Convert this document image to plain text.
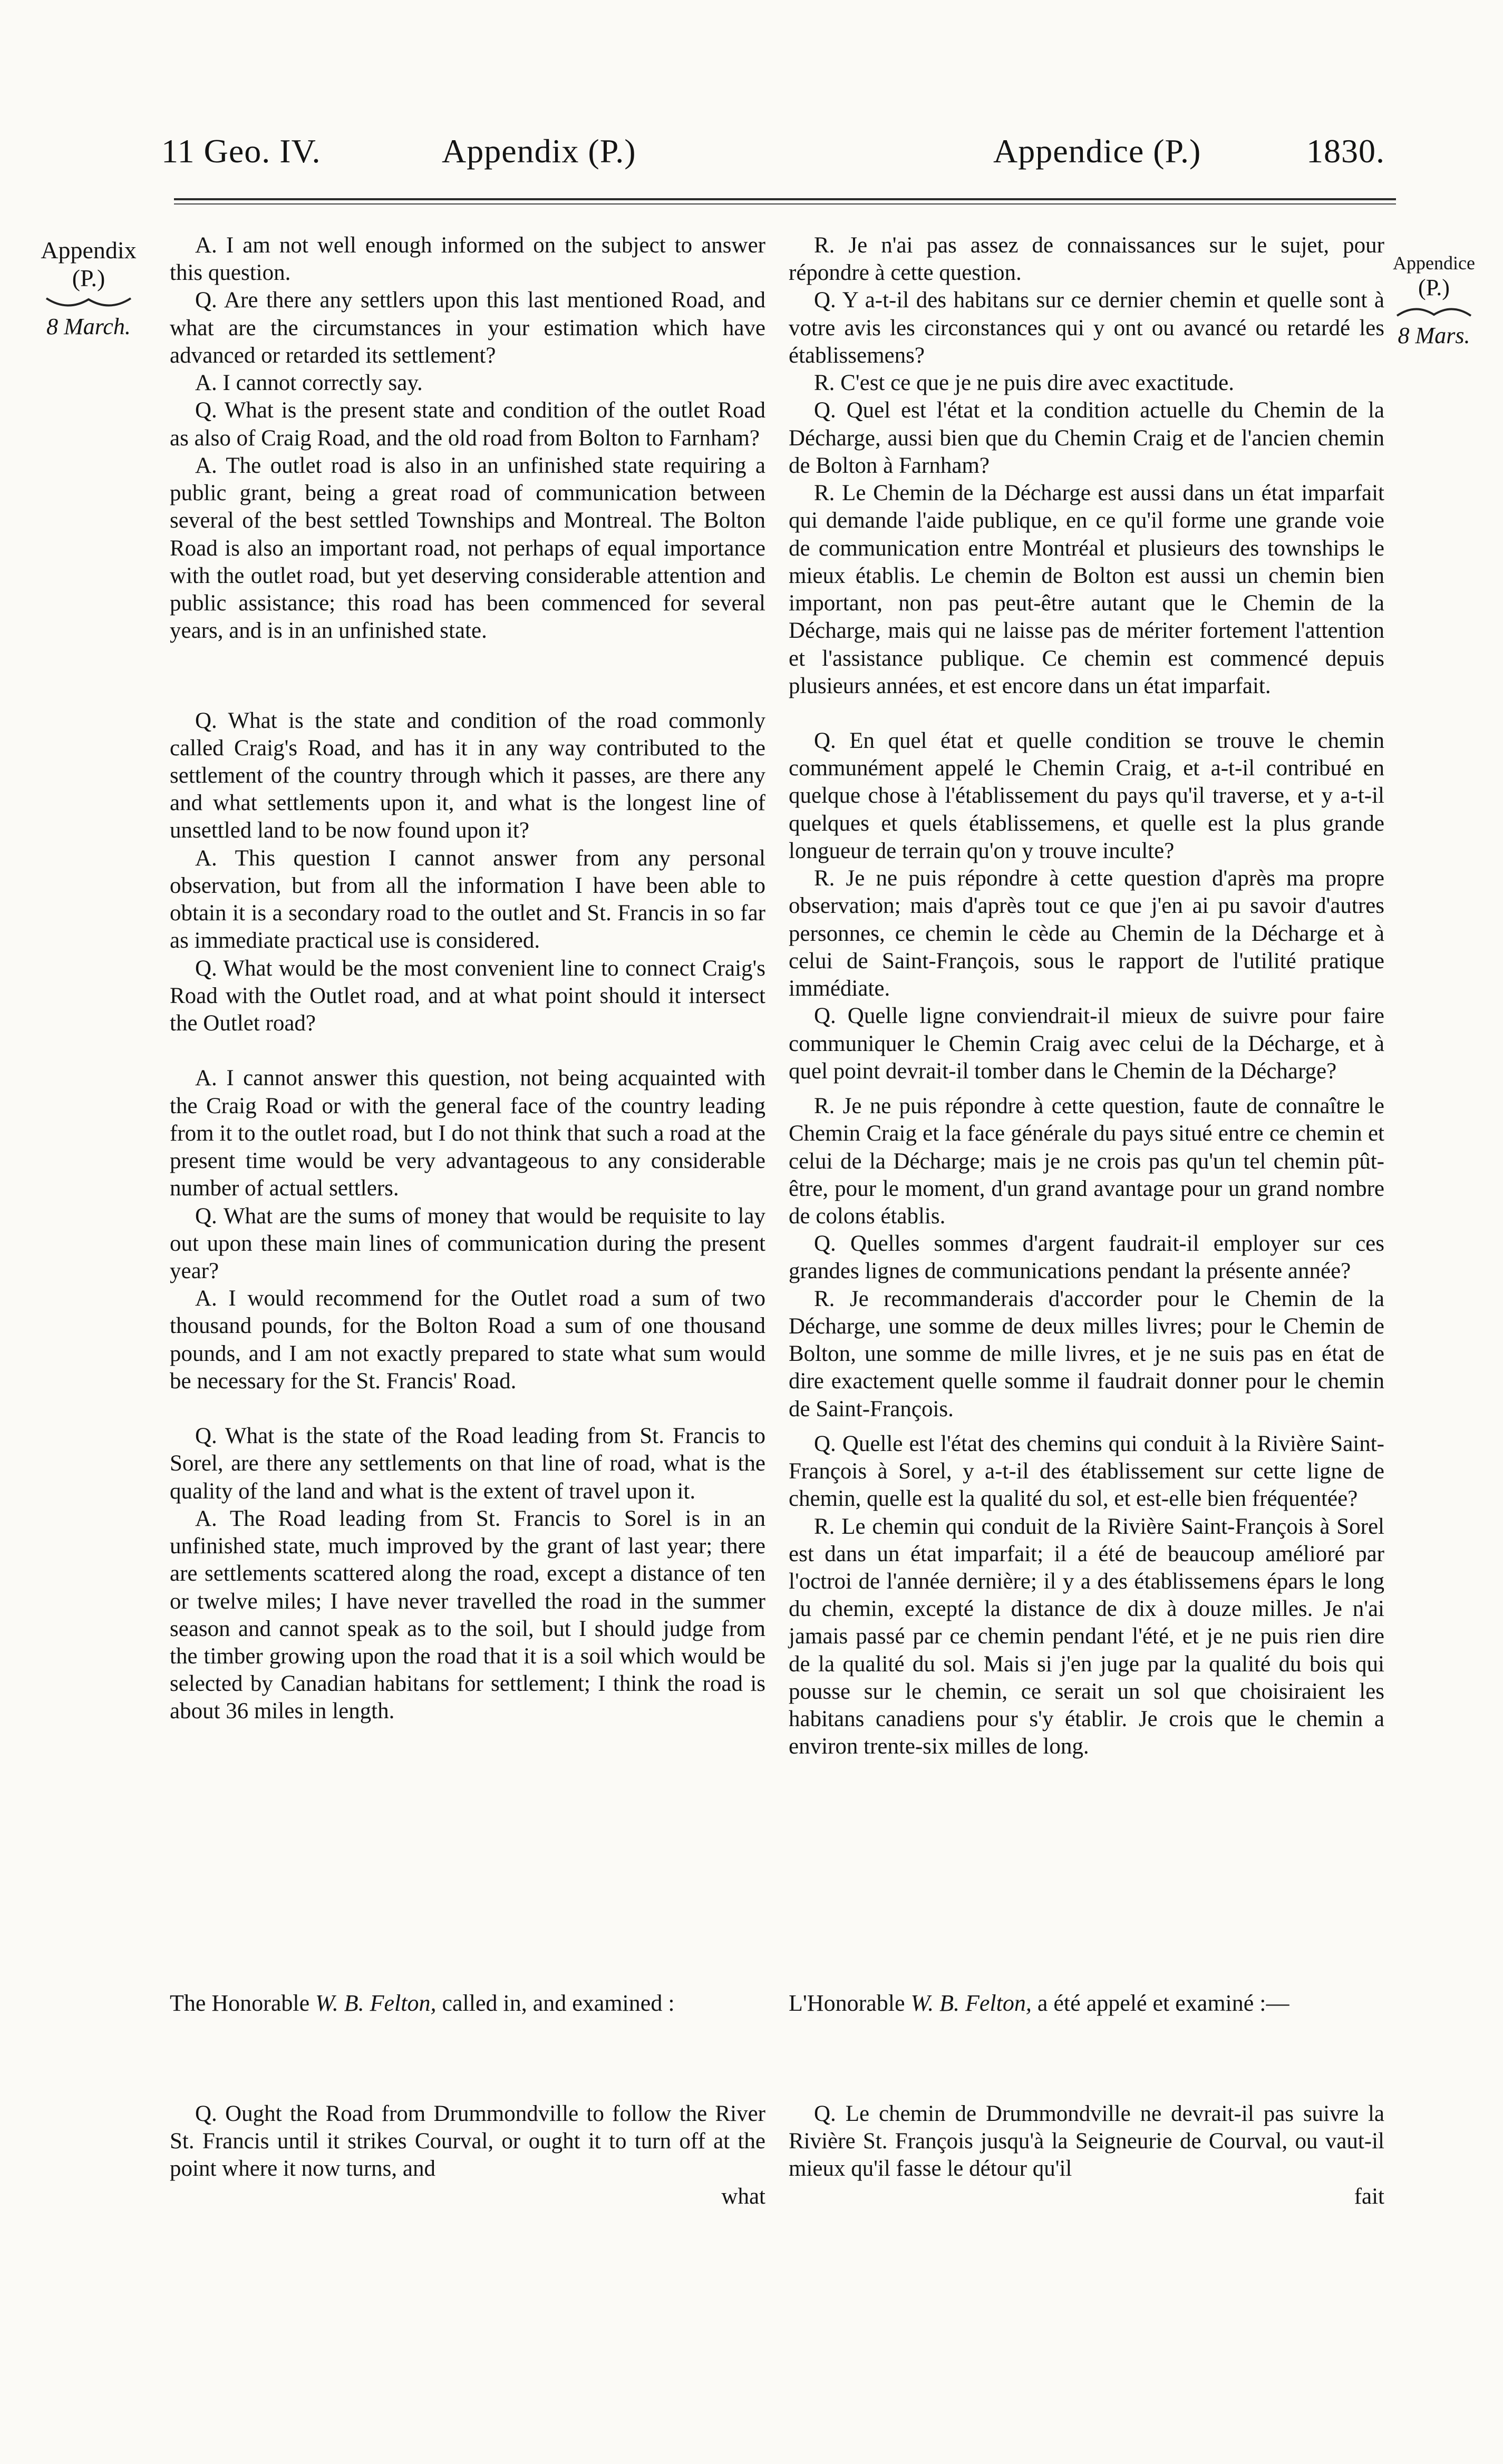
11 Geo. IV.	Appendix (P.)	Appendice (P.)	1830.
Appendix
(P.)
8 March.
Appendice
(P.)
8 Mars.

A. I am not well enough informed on the subject to answer this question.

Q. Are there any settlers upon this last mentioned Road, and what are the circumstances in your estimation which have advanced or retarded its settlement?

A. I cannot correctly say.

Q. What is the present state and condition of the outlet Road as also of Craig Road, and the old road from Bolton to Farnham?

A. The outlet road is also in an unfinished state requiring a public grant, being a great road of communication between several of the best settled Townships and Montreal. The Bolton Road is also an important road, not perhaps of equal importance with the outlet road, but yet deserving considerable attention and public assistance; this road has been commenced for several years, and is in an unfinished state.

Q. What is the state and condition of the road commonly called Craig's Road, and has it in any way contributed to the settlement of the country through which it passes, are there any and what settlements upon it, and what is the longest line of unsettled land to be now found upon it?

A. This question I cannot answer from any personal observation, but from all the information I have been able to obtain it is a secondary road to the outlet and St. Francis in so far as immediate practical use is considered.

Q. What would be the most convenient line to connect Craig's Road with the Outlet road, and at what point should it intersect the Outlet road?

A. I cannot answer this question, not being acquainted with the Craig Road or with the general face of the country leading from it to the outlet road, but I do not think that such a road at the present time would be very advantageous to any considerable number of actual settlers.

Q. What are the sums of money that would be requisite to lay out upon these main lines of communication during the present year?

A. I would recommend for the Outlet road a sum of two thousand pounds, for the Bolton Road a sum of one thousand pounds, and I am not exactly prepared to state what sum would be necessary for the St. Francis' Road.

Q. What is the state of the Road leading from St. Francis to Sorel, are there any settlements on that line of road, what is the quality of the land and what is the extent of travel upon it.

A. The Road leading from St. Francis to Sorel is in an unfinished state, much improved by the grant of last year; there are settlements scattered along the road, except a distance of ten or twelve miles; I have never travelled the road in the summer season and cannot speak as to the soil, but I should judge from the timber growing upon the road that it is a soil which would be selected by Canadian habitans for settlement; I think the road is about 36 miles in length.

R. Je n'ai pas assez de connaissances sur le sujet, pour répondre à cette question.

Q. Y a-t-il des habitans sur ce dernier chemin et quelle sont à votre avis les circonstances qui y ont ou avancé ou retardé les établissemens?

R. C'est ce que je ne puis dire avec exactitude.

Q. Quel est l'état et la condition actuelle du Chemin de la Décharge, aussi bien que du Chemin Craig et de l'ancien chemin de Bolton à Farnham?

R. Le Chemin de la Décharge est aussi dans un état imparfait qui demande l'aide publique, en ce qu'il forme une grande voie de communication entre Montréal et plusieurs des townships le mieux établis. Le chemin de Bolton est aussi un chemin bien important, non pas peut-être autant que le Chemin de la Décharge, mais qui ne laisse pas de mériter fortement l'attention et l'assistance publique. Ce chemin est commencé depuis plusieurs années, et est encore dans un état imparfait.

Q. En quel état et quelle condition se trouve le chemin communément appelé le Chemin Craig, et a-t-il contribué en quelque chose à l'établissement du pays qu'il traverse, et y a-t-il quelques et quels établissemens, et quelle est la plus grande longueur de terrain qu'on y trouve inculte?

R. Je ne puis répondre à cette question d'après ma propre observation; mais d'après tout ce que j'en ai pu savoir d'autres personnes, ce chemin le cède au Chemin de la Décharge et à celui de Saint-François, sous le rapport de l'utilité pratique immédiate.

Q. Quelle ligne conviendrait-il mieux de suivre pour faire communiquer le Chemin Craig avec celui de la Décharge, et à quel point devrait-il tomber dans le Chemin de la Décharge?

R. Je ne puis répondre à cette question, faute de connaître le Chemin Craig et la face générale du pays situé entre ce chemin et celui de la Décharge; mais je ne crois pas qu'un tel chemin pût-être, pour le moment, d'un grand avantage pour un grand nombre de colons établis.

Q. Quelles sommes d'argent faudrait-il employer sur ces grandes lignes de communications pendant la présente année?

R. Je recommanderais d'accorder pour le Chemin de la Décharge, une somme de deux milles livres; pour le Chemin de Bolton, une somme de mille livres, et je ne suis pas en état de dire exactement quelle somme il faudrait donner pour le chemin de Saint-François.

Q. Quelle est l'état des chemins qui conduit à la Rivière Saint-François à Sorel, y a-t-il des établissement sur cette ligne de chemin, quelle est la qualité du sol, et est-elle bien fréquentée?

R. Le chemin qui conduit de la Rivière Saint-François à Sorel est dans un état imparfait; il a été de beaucoup amélioré par l'octroi de l'année dernière; il y a des établissemens épars le long du chemin, excepté la distance de dix à douze milles. Je n'ai jamais passé par ce chemin pendant l'été, et je ne puis rien dire de la qualité du sol. Mais si j'en juge par la qualité du bois qui pousse sur le chemin, ce serait un sol que choisiraient les habitans canadiens pour s'y établir. Je crois que le chemin a environ trente-six milles de long.

The Honorable W. B. Felton, called in, and examined :	L'Honorable W. B. Felton, a été appelé et examiné :—

Q. Ought the Road from Drummondville to follow the River St. Francis until it strikes Courval, or ought it to turn off at the point where it now turns, and

what

Q. Le chemin de Drummondville ne devrait-il pas suivre la Rivière St. François jusqu'à la Seigneurie de Courval, ou vaut-il mieux qu'il fasse le détour qu'il

fait
